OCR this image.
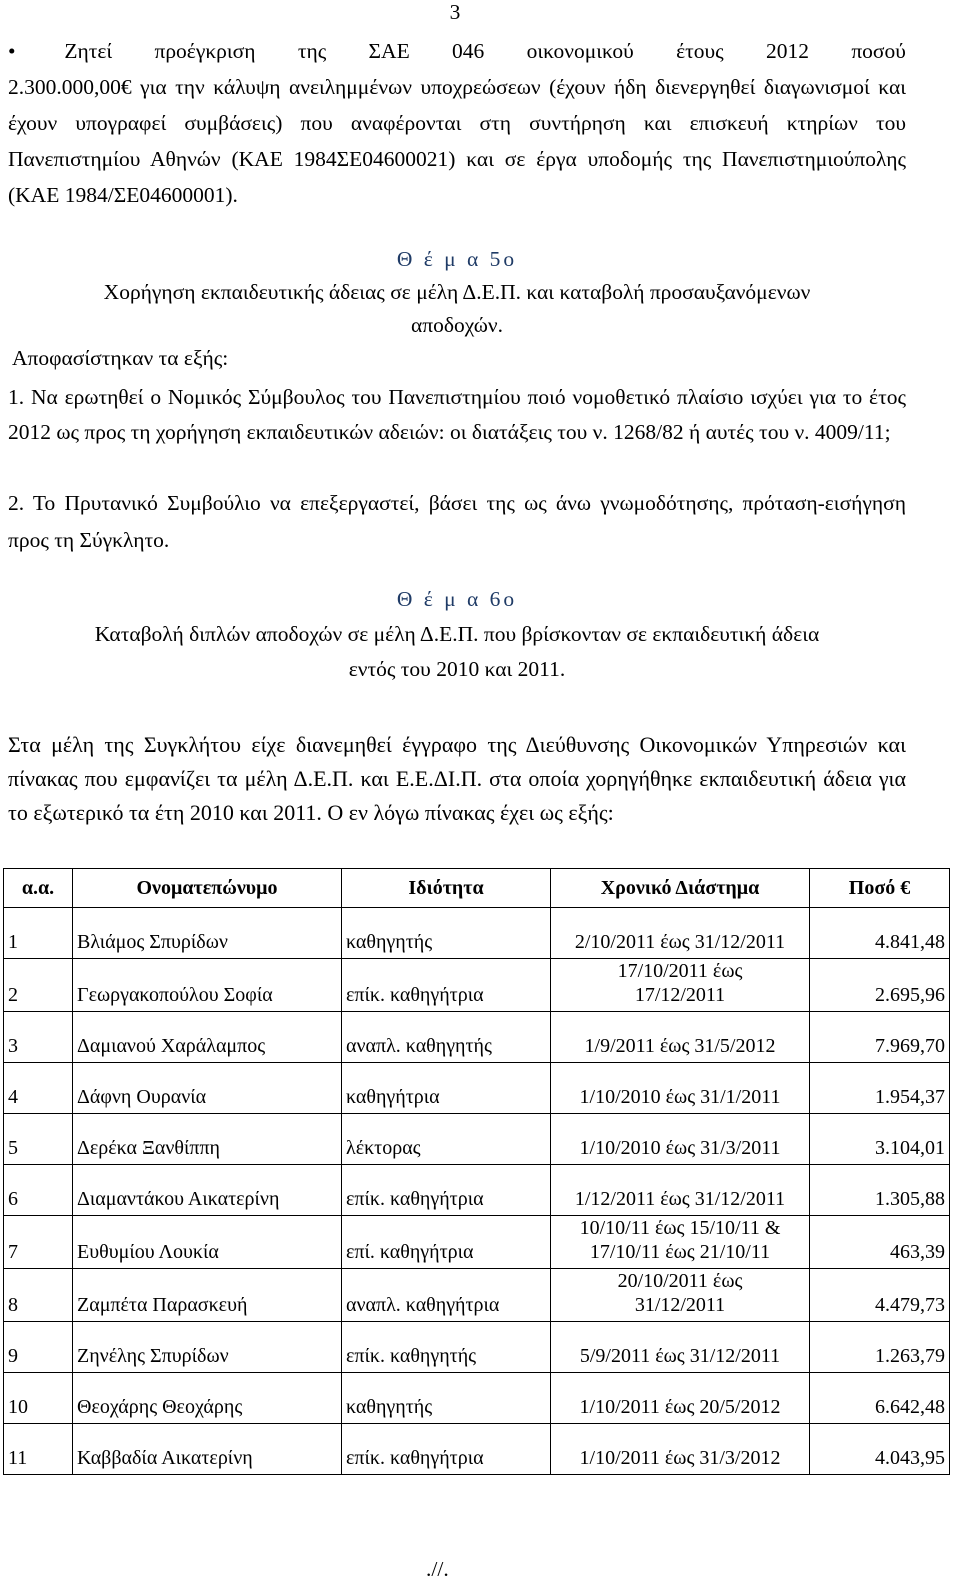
3
•	Ζητεί προέγκριση της ΣΑΕ 046 οικονομικού έτους 2012 ποσού
2.300.000,00€ για την κάλυψη ανειλημμένων υποχρεώσεων (έχουν ήδη διενεργηθεί διαγωνισμοί και έχουν υπογραφεί συμβάσεις) που αναφέρονται στη συντήρηση και επισκευή κτηρίων του Πανεπιστημίου Αθηνών (ΚΑΕ 1984ΣΕ04600021) και σε έργα υποδομής της Πανεπιστημιούπολης (ΚΑΕ 1984/ΣΕ04600001).
Θ έ μ α 5ο
Χορήγηση εκπαιδευτικής άδειας σε μέλη Δ.Ε.Π. και καταβολή προσαυξανόμενων
αποδοχών.
Αποφασίστηκαν τα εξής:
1. Να ερωτηθεί ο Νομικός Σύμβουλος του Πανεπιστημίου ποιό νομοθετικό πλαίσιο ισχύει για το έτος 2012 ως προς τη χορήγηση εκπαιδευτικών αδειών: οι διατάξεις του ν. 1268/82 ή αυτές του ν. 4009/11;
2. Το Πρυτανικό Συμβούλιο να επεξεργαστεί, βάσει της ως άνω γνωμοδότησης, πρόταση-εισήγηση προς τη Σύγκλητο.
Θ έ μ α 6ο
Καταβολή διπλών αποδοχών σε μέλη Δ.Ε.Π. που βρίσκονταν σε εκπαιδευτική άδεια
εντός του 2010 και 2011.
Στα μέλη της Συγκλήτου είχε διανεμηθεί έγγραφο της Διεύθυνσης Οικονομικών Υπηρεσιών και πίνακας που εμφανίζει τα μέλη Δ.Ε.Π. και Ε.Ε.ΔΙ.Π. στα οποία χορηγήθηκε εκπαιδευτική άδεια για το εξωτερικό τα έτη 2010 και 2011. Ο εν λόγω πίνακας έχει ως εξής:
α.α.	Ονοματεπώνυμο	Ιδιότητα	Χρονικό Διάστημα	Ποσό €
1	Βλιάμος Σπυρίδων	καθηγητής	2/10/2011 έως 31/12/2011	4.841,48
2	Γεωργακοπούλου Σοφία	επίκ. καθηγήτρια	17/10/2011 έως
17/12/2011	2.695,96
3	Δαμιανού Χαράλαμπος	αναπλ. καθηγητής	1/9/2011 έως 31/5/2012	7.969,70
4	Δάφνη Ουρανία	καθηγήτρια	1/10/2010 έως 31/1/2011	1.954,37
5	Δερέκα Ξανθίππη	λέκτορας	1/10/2010 έως 31/3/2011	3.104,01
6	Διαμαντάκου Αικατερίνη	επίκ. καθηγήτρια	1/12/2011 έως 31/12/2011	1.305,88
7	Ευθυμίου Λουκία	επί. καθηγήτρια	10/10/11 έως 15/10/11 &
17/10/11 έως 21/10/11	463,39
8	Ζαμπέτα Παρασκευή	αναπλ. καθηγήτρια	20/10/2011 έως
31/12/2011	4.479,73
9	Ζηνέλης Σπυρίδων	επίκ. καθηγητής	5/9/2011 έως 31/12/2011	1.263,79
10	Θεοχάρης Θεοχάρης	καθηγητής	1/10/2011 έως 20/5/2012	6.642,48
11	Καββαδία Αικατερίνη	επίκ. καθηγήτρια	1/10/2011 έως 31/3/2012	4.043,95
.//.
